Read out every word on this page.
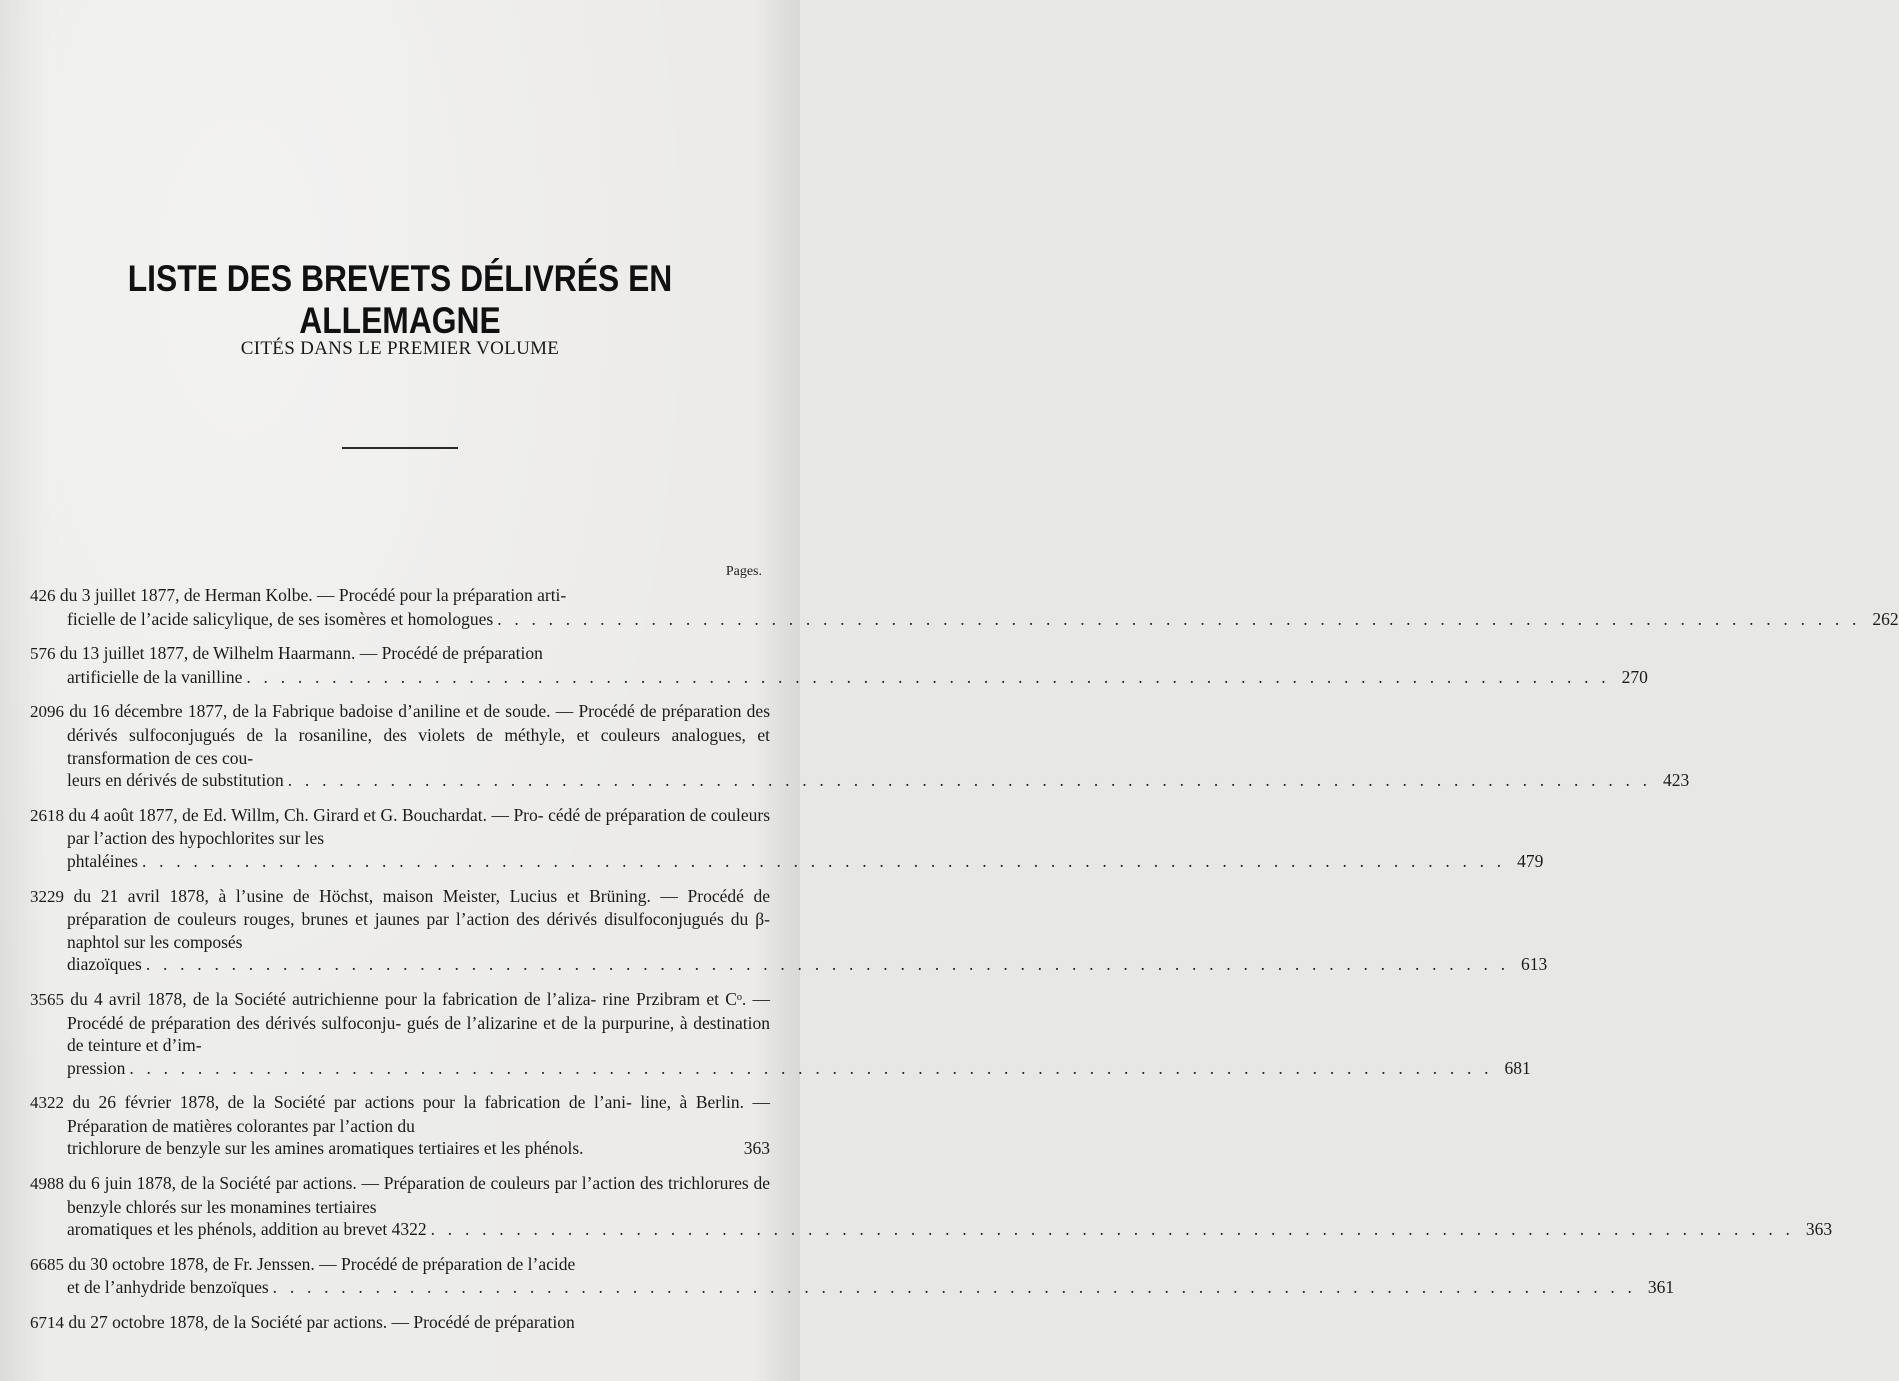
LISTE DES BREVETS DÉLIVRÉS EN ALLEMAGNE
CITÉS DANS LE PREMIER VOLUME
Pages.
426 du 3 juillet 1877, de Herman Kolbe. — Procédé pour la préparation arti-
ficielle de l’acide salicylique, de ses isomères et homologues . . . . . . . . . . . . . . . . . . . . . . . . . . . . . . . . . . . . . . . . . . . . . . . . . . . . . . . . . . . . . . . . . . . . . . . . . . . . . . . . 262
576 du 13 juillet 1877, de Wilhelm Haarmann. — Procédé de préparation
artificielle de la vanilline . . . . . . . . . . . . . . . . . . . . . . . . . . . . . . . . . . . . . . . . . . . . . . . . . . . . . . . . . . . . . . . . . . . . . . . . . . . . . . . . 270
2096 du 16 décembre 1877, de la Fabrique badoise d’aniline et de soude. — Procédé de préparation des dérivés sulfoconjugués de la rosaniline, des violets de méthyle, et couleurs analogues, et transformation de ces cou-
leurs en dérivés de substitution . . . . . . . . . . . . . . . . . . . . . . . . . . . . . . . . . . . . . . . . . . . . . . . . . . . . . . . . . . . . . . . . . . . . . . . . . . . . . . . . 423
2618 du 4 août 1877, de Ed. Willm, Ch. Girard et G. Bouchardat. — Pro- cédé de préparation de couleurs par l’action des hypochlorites sur les
phtaléines . . . . . . . . . . . . . . . . . . . . . . . . . . . . . . . . . . . . . . . . . . . . . . . . . . . . . . . . . . . . . . . . . . . . . . . . . . . . . . . . 479
3229 du 21 avril 1878, à l’usine de Höchst, maison Meister, Lucius et Brüning. — Procédé de préparation de couleurs rouges, brunes et jaunes par l’action des dérivés disulfoconjugués du β-naphtol sur les composés
diazoïques . . . . . . . . . . . . . . . . . . . . . . . . . . . . . . . . . . . . . . . . . . . . . . . . . . . . . . . . . . . . . . . . . . . . . . . . . . . . . . . . 613
3565 du 4 avril 1878, de la Société autrichienne pour la fabrication de l’aliza- rine Przibram et Cᵒ. — Procédé de préparation des dérivés sulfoconju- gués de l’alizarine et de la purpurine, à destination de teinture et d’im-
pression . . . . . . . . . . . . . . . . . . . . . . . . . . . . . . . . . . . . . . . . . . . . . . . . . . . . . . . . . . . . . . . . . . . . . . . . . . . . . . . . 681
4322 du 26 février 1878, de la Société par actions pour la fabrication de l’ani- line, à Berlin. — Préparation de matières colorantes par l’action du
trichlorure de benzyle sur les amines aromatiques tertiaires et les phénols.	363
4988 du 6 juin 1878, de la Société par actions. — Préparation de couleurs par l’action des trichlorures de benzyle chlorés sur les monamines tertiaires
aromatiques et les phénols, addition au brevet 4322 . . . . . . . . . . . . . . . . . . . . . . . . . . . . . . . . . . . . . . . . . . . . . . . . . . . . . . . . . . . . . . . . . . . . . . . . . . . . . . . . 363
6685 du 30 octobre 1878, de Fr. Jenssen. — Procédé de préparation de l’acide
et de l’anhydride benzoïques . . . . . . . . . . . . . . . . . . . . . . . . . . . . . . . . . . . . . . . . . . . . . . . . . . . . . . . . . . . . . . . . . . . . . . . . . . . . . . . . 361
6714 du 27 octobre 1878, de la Société par actions. — Procédé de préparation
